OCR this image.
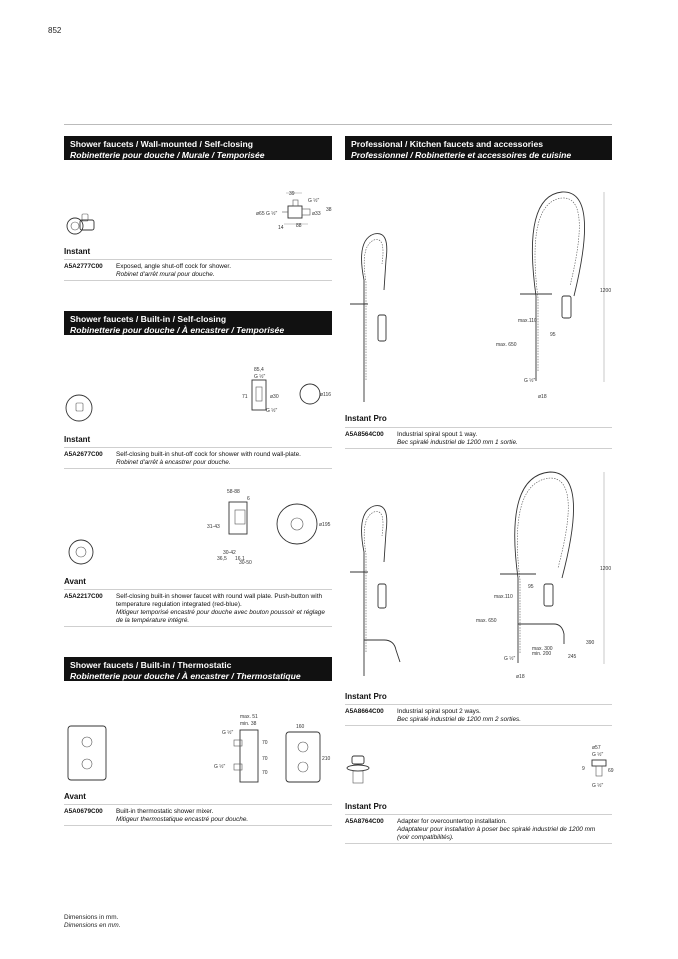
852
Shower faucets / Wall-mounted / Self-closing
Robinetterie pour douche / Murale / Temporisée
39
G ½"
ø65 G ½"	ø33
38
14 88
Instant
A5A2777C00 Exposed, angle shut-off cock for shower.
Robinet d'arrêt mural pour douche.
Shower faucets / Built-in / Self-closing
Robinetterie pour douche / À encastrer / Temporisée
85,4
G ½"
71	ø30
G ½"
ø116
Instant
A5A2677C00 Self-closing built-in shut-off cock for shower with round wall-plate.
Robinet d'arrêt à encastrer pour douche.
58-88
6
31-43
30-42
36,5 16,1
30-50
ø195
Avant
A5A2217C00 Self-closing built-in shower faucet with round wall plate. Push-button with temperature regulation integrated (red-blue).
Mitigeur temporisé encastré pour douche avec bouton poussoir et réglage de la température intégré.
Shower faucets / Built-in / Thermostatic
Robinetterie pour douche / À encastrer / Thermostatique
max. 51
min. 38
G ½"
70
70
G ½"
70
160
210
Avant
A5A0679C00 Built-in thermostatic shower mixer.
Mitigeur thermostatique encastré pour douche.
Professional / Kitchen faucets and accessories
Professionnel / Robinetterie et accessoires de cuisine
1200
max.110
95
max. 650
G ½"
ø18
Instant Pro
A5A8564C00 Industrial spiral spout 1 way.
Bec spiralé industriel de 1200 mm 1 sortie.
1200
95
max.110
max. 650
390
max. 300
min. 200	245
G ½"
ø18
Instant Pro
A5A8664C00 Industrial spiral spout 2 ways.
Bec spiralé industriel de 1200 mm 2 sorties.
ø57
G ½"
9	69
G ½"
Instant Pro
A5A8764C00 Adapter for overcountertop installation.
Adaptateur pour installation à poser bec spiralé industriel de 1200 mm (voir compatibilités).
Dimensions in mm.
Dimensions en mm.
